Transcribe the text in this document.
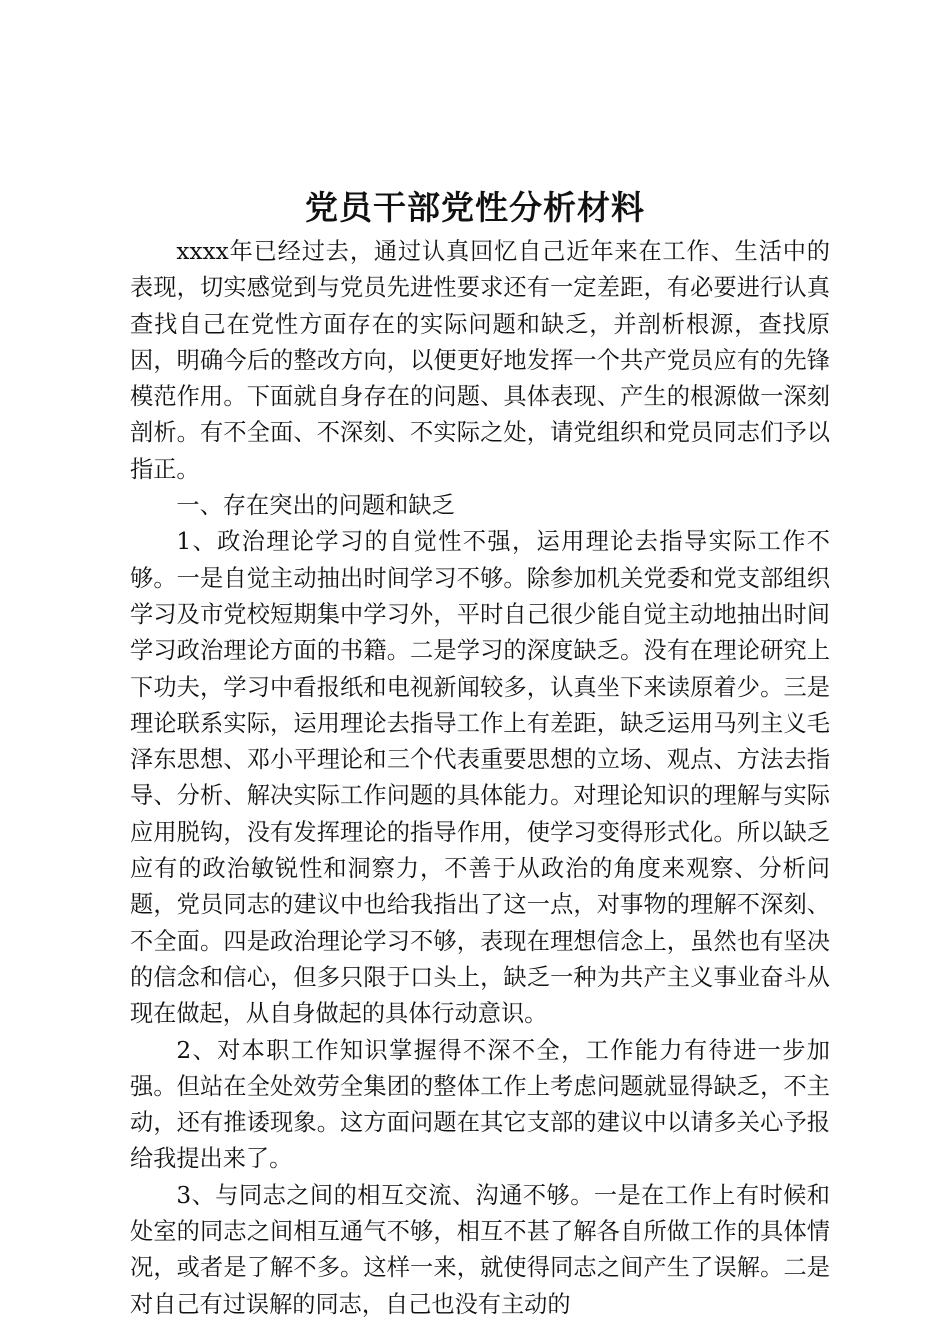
党员干部党性分析材料

xxxx年已经过去，通过认真回忆自己近年来在工作、生活中的表现，切实感觉到与党员先进性要求还有一定差距，有必要进行认真查找自己在党性方面存在的实际问题和缺乏，并剖析根源，查找原因，明确今后的整改方向，以便更好地发挥一个共产党员应有的先锋模范作用。下面就自身存在的问题、具体表现、产生的根源做一深刻剖析。有不全面、不深刻、不实际之处，请党组织和党员同志们予以指正。

一、存在突出的问题和缺乏

1、政治理论学习的自觉性不强，运用理论去指导实际工作不够。一是自觉主动抽出时间学习不够。除参加机关党委和党支部组织学习及市党校短期集中学习外，平时自己很少能自觉主动地抽出时间学习政治理论方面的书籍。二是学习的深度缺乏。没有在理论研究上下功夫，学习中看报纸和电视新闻较多，认真坐下来读原着少。三是理论联系实际，运用理论去指导工作上有差距，缺乏运用马列主义毛泽东思想、邓小平理论和三个代表重要思想的立场、观点、方法去指导、分析、解决实际工作问题的具体能力。对理论知识的理解与实际应用脱钩，没有发挥理论的指导作用，使学习变得形式化。所以缺乏应有的政治敏锐性和洞察力，不善于从政治的角度来观察、分析问题，党员同志的建议中也给我指出了这一点，对事物的理解不深刻、不全面。四是政治理论学习不够，表现在理想信念上，虽然也有坚决的信念和信心，但多只限于口头上，缺乏一种为共产主义事业奋斗从现在做起，从自身做起的具体行动意识。

2、对本职工作知识掌握得不深不全，工作能力有待进一步加强。但站在全处效劳全集团的整体工作上考虑问题就显得缺乏，不主动，还有推诿现象。这方面问题在其它支部的建议中以请多关心予报给我提出来了。

3、与同志之间的相互交流、沟通不够。一是在工作上有时候和处室的同志之间相互通气不够，相互不甚了解各自所做工作的具体情况，或者是了解不多。这样一来，就使得同志之间产生了误解。二是对自己有过误解的同志，自己也没有主动的
